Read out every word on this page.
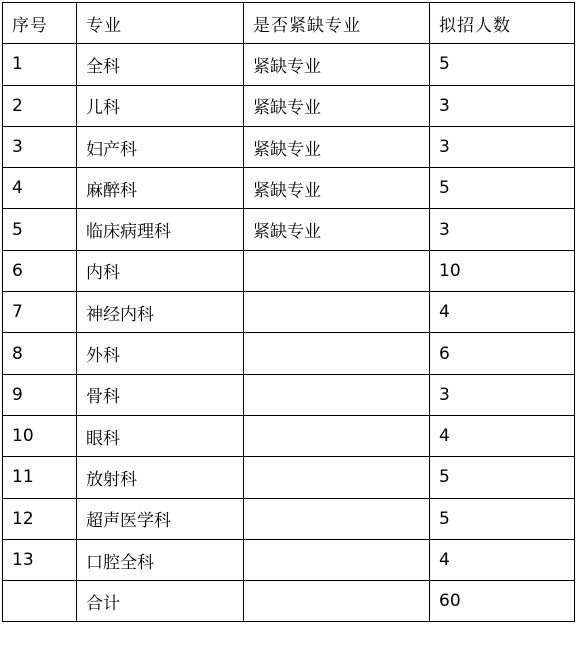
序号	专业	是否紧缺专业	拟招人数
1	全科	紧缺专业	5
2	儿科	紧缺专业	3
3	妇产科	紧缺专业	3
4	麻醉科	紧缺专业	5
5	临床病理科	紧缺专业	3
6	内科		10
7	神经内科		4
8	外科		6
9	骨科		3
10	眼科		4
11	放射科		5
12	超声医学科		5
13	口腔全科		4
	合计		60
